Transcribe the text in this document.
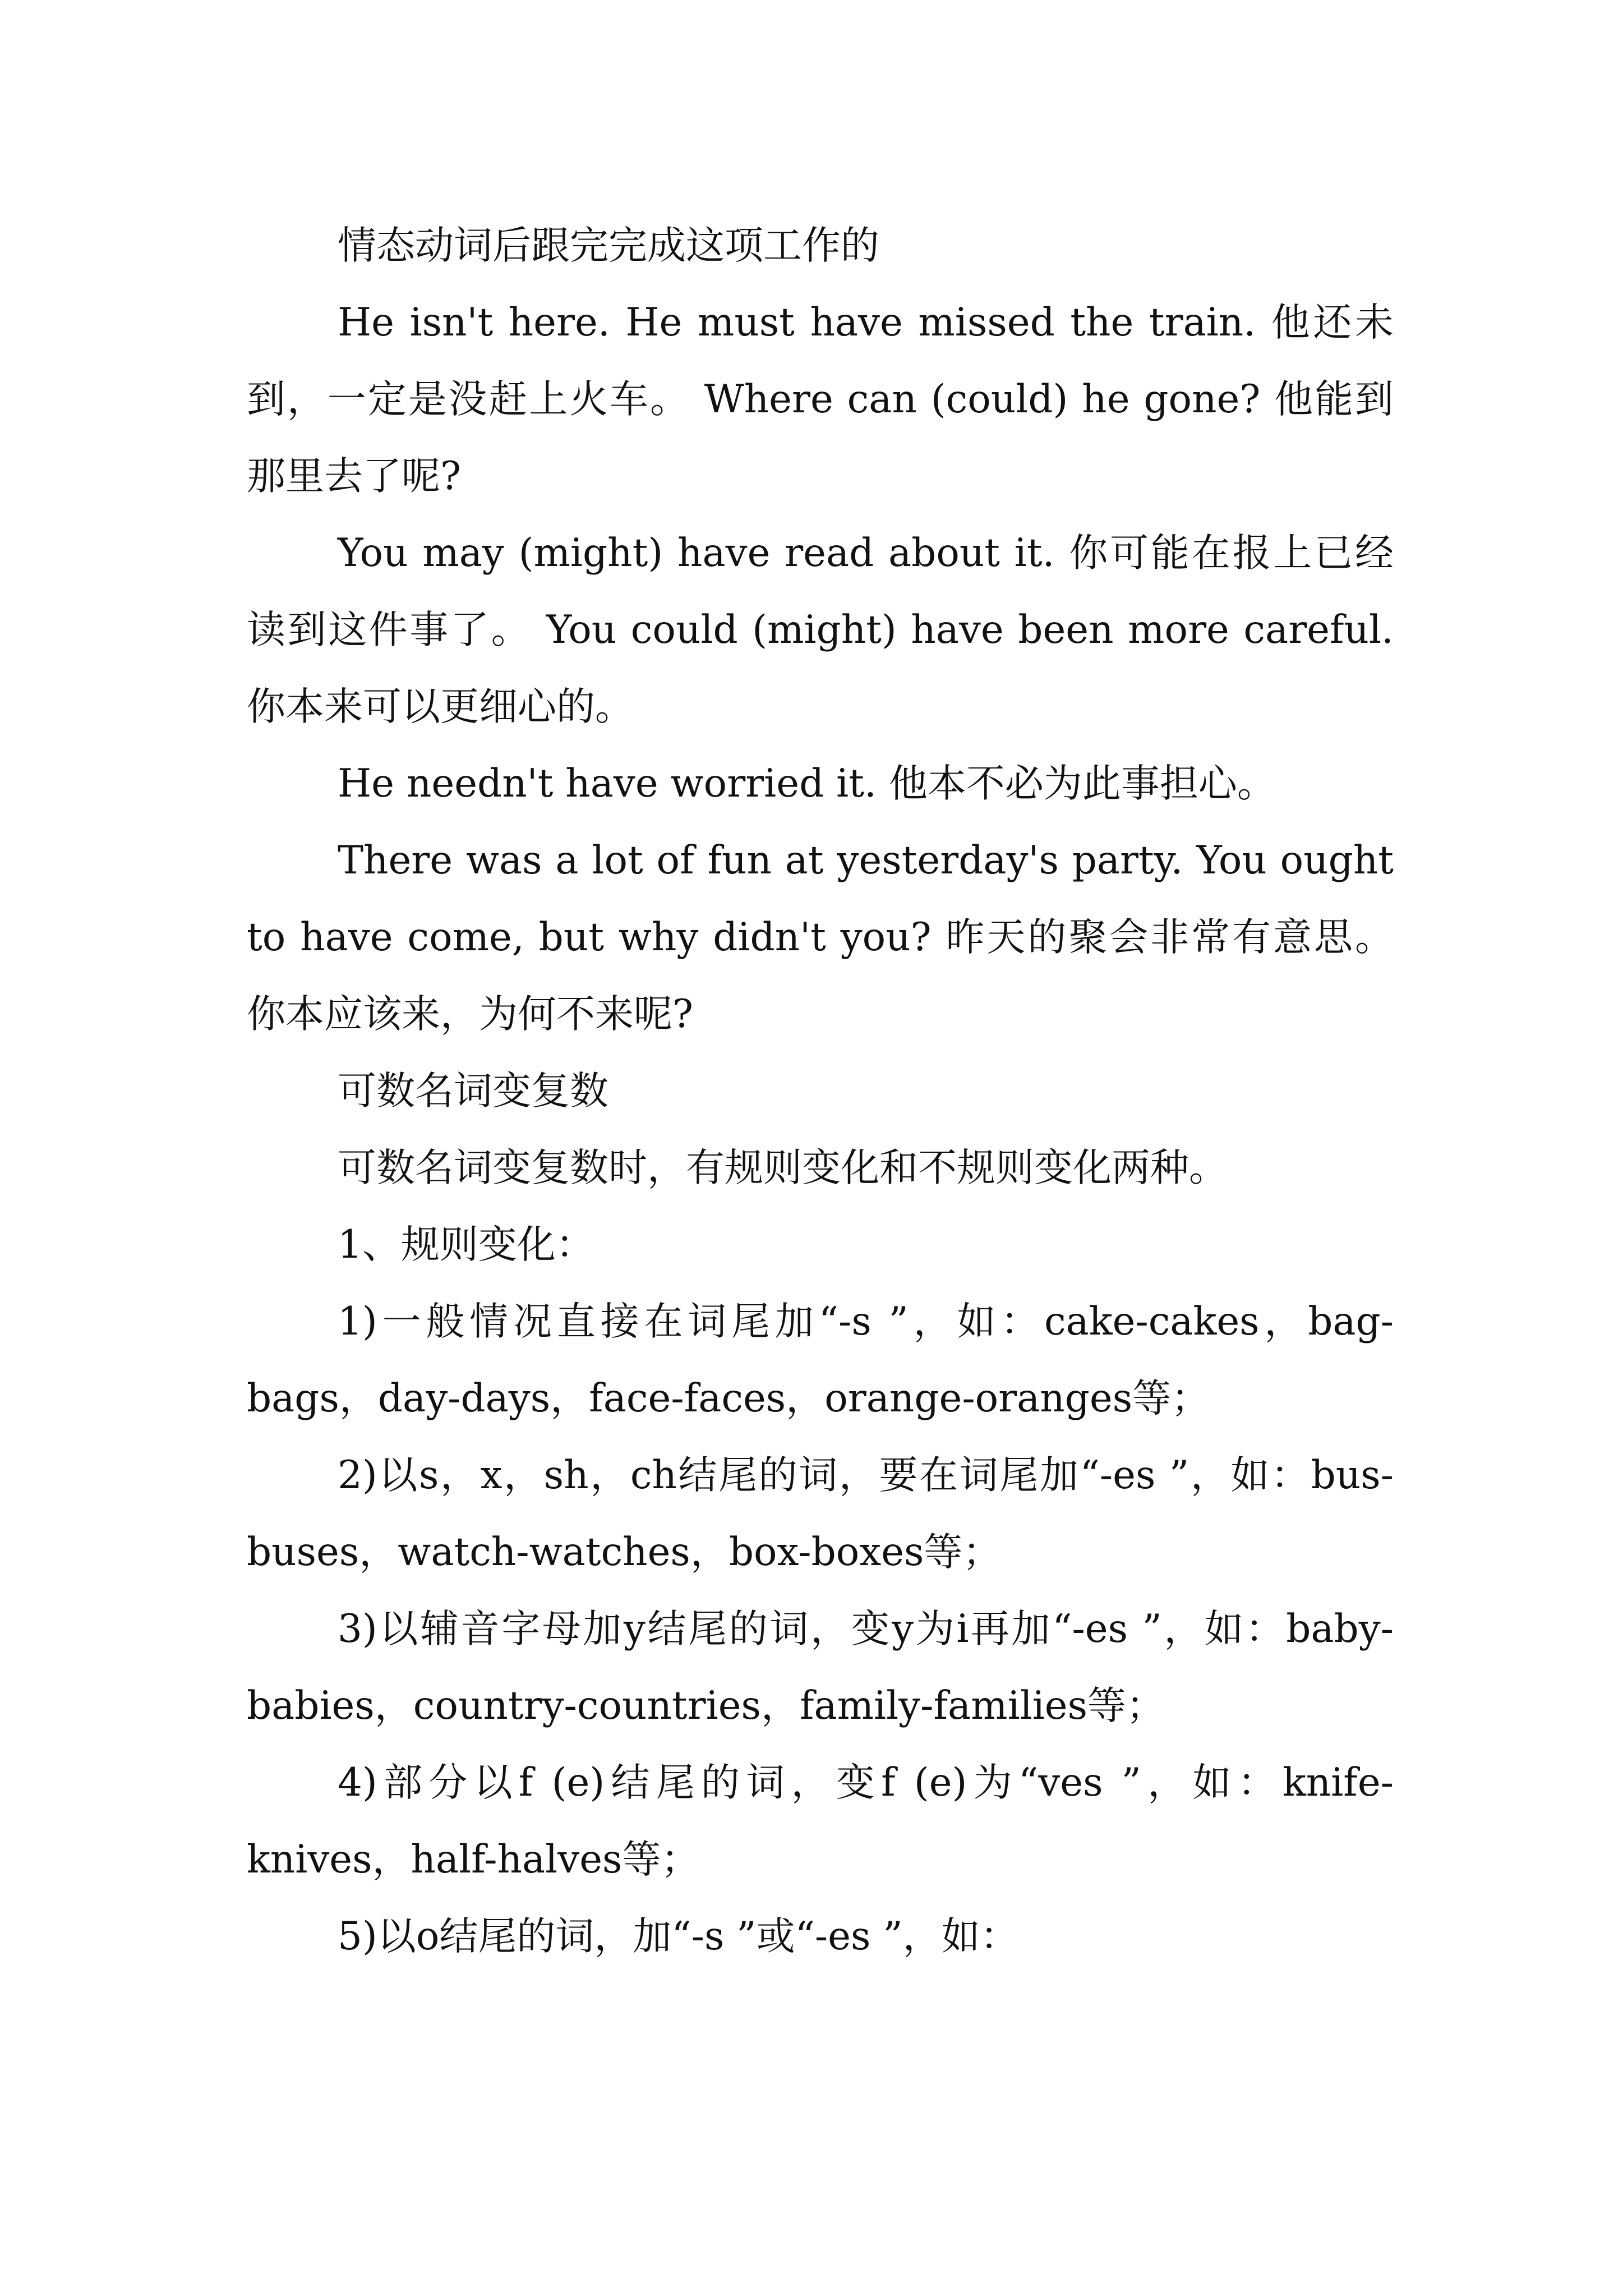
情态动词后跟完完成这项工作的

He isn't here. He must have missed the train. 他还未到，一定是没赶上火车。 Where can (could) he gone? 他能到那里去了呢?

You may (might) have read about it. 你可能在报上已经读到这件事了。 You could (might) have been more careful. 你本来可以更细心的。

He needn't have worried it. 他本不必为此事担心。

There was a lot of fun at yesterday's party. You ought to have come, but why didn't you? 昨天的聚会非常有意思。你本应该来，为何不来呢?

可数名词变复数

可数名词变复数时，有规则变化和不规则变化两种。

1、规则变化：

1)一般情况直接在词尾加“-s ”，如：cake-cakes，bag-bags，day-days，face-faces，orange-oranges等；

2)以s，x，sh，ch结尾的词，要在词尾加“-es ”，如：bus-buses，watch-watches，box-boxes等；

3)以辅音字母加y结尾的词，变y为i再加“-es ”，如：baby-babies，country-countries，family-families等；

4)部分以f (e)结尾的词，变f (e)为“ves ”，如：knife-knives，half-halves等；

5)以o结尾的词，加“-s ”或“-es ”，如：
